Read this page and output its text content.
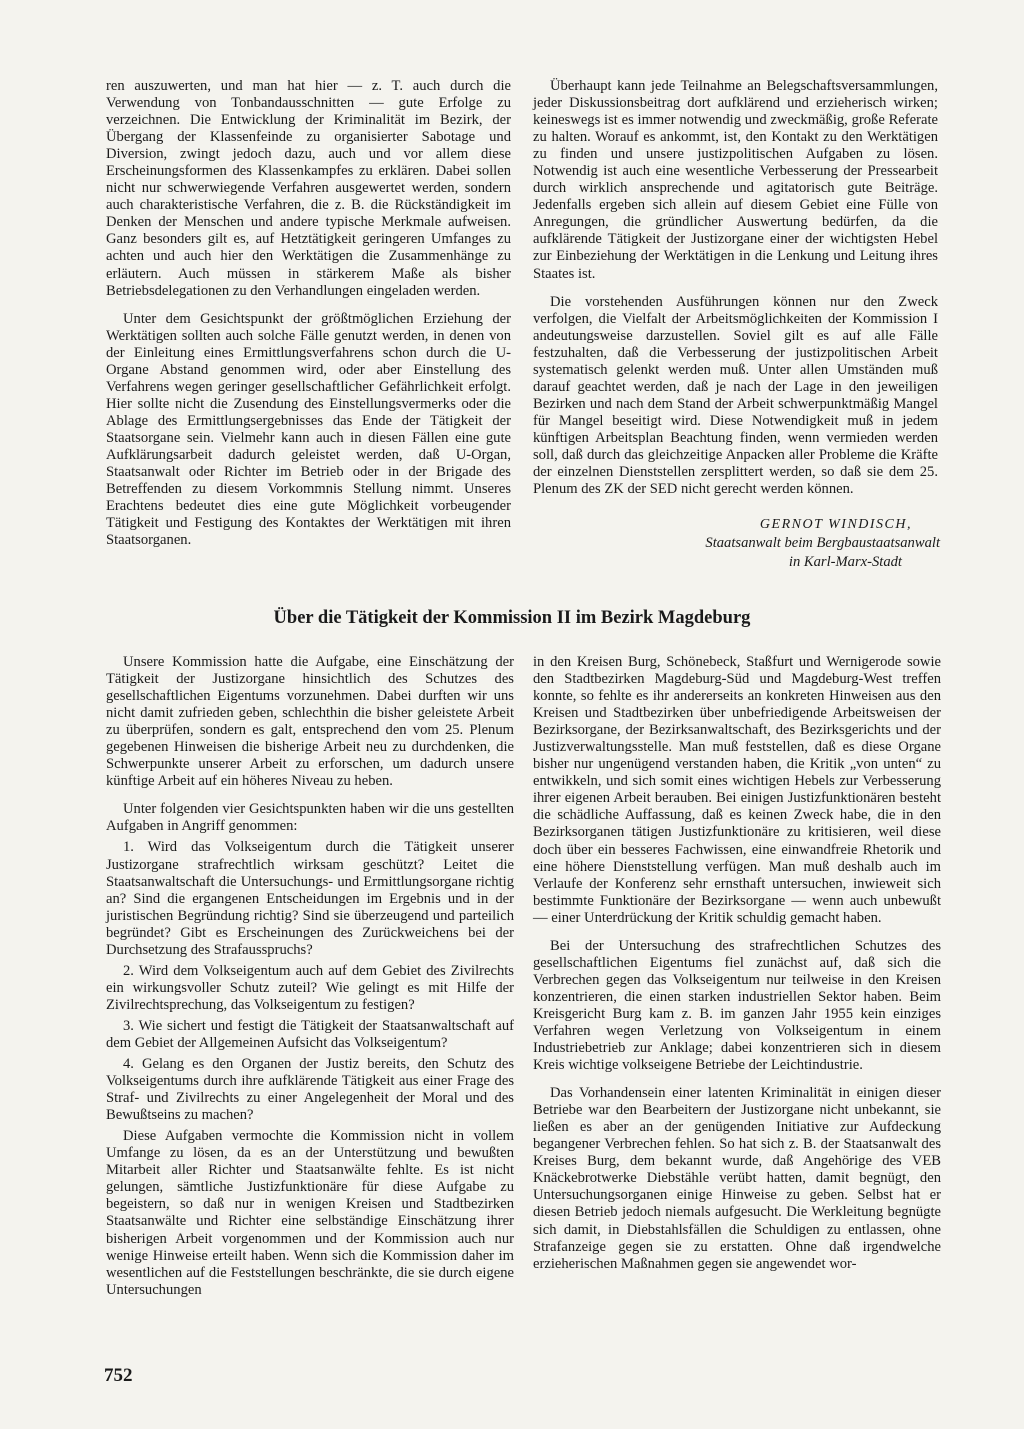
ren auszuwerten, und man hat hier — z. T. auch durch die Verwendung von Tonbandausschnitten — gute Erfolge zu verzeichnen. Die Entwicklung der Kriminalität im Bezirk, der Übergang der Klassenfeinde zu organisierter Sabotage und Diversion, zwingt jedoch dazu, auch und vor allem diese Erscheinungsformen des Klassenkampfes zu erklären. Dabei sollen nicht nur schwerwiegende Verfahren ausgewertet werden, sondern auch charakteristische Verfahren, die z. B. die Rückständigkeit im Denken der Menschen und andere typische Merkmale aufweisen. Ganz besonders gilt es, auf Hetztätigkeit geringeren Umfanges zu achten und auch hier den Werktätigen die Zusammenhänge zu erläutern. Auch müssen in stärkerem Maße als bisher Betriebsdelegationen zu den Verhandlungen eingeladen werden.

Unter dem Gesichtspunkt der größtmöglichen Erziehung der Werktätigen sollten auch solche Fälle genutzt werden, in denen von der Einleitung eines Ermittlungsverfahrens schon durch die U-Organe Abstand genommen wird, oder aber Einstellung des Verfahrens wegen geringer gesellschaftlicher Gefährlichkeit erfolgt. Hier sollte nicht die Zusendung des Einstellungsvermerks oder die Ablage des Ermittlungsergebnisses das Ende der Tätigkeit der Staatsorgane sein. Vielmehr kann auch in diesen Fällen eine gute Aufklärungsarbeit dadurch geleistet werden, daß U-Organ, Staatsanwalt oder Richter im Betrieb oder in der Brigade des Betreffenden zu diesem Vorkommnis Stellung nimmt. Unseres Erachtens bedeutet dies eine gute Möglichkeit vorbeugender Tätigkeit und Festigung des Kontaktes der Werktätigen mit ihren Staatsorganen.

Überhaupt kann jede Teilnahme an Belegschaftsversammlungen, jeder Diskussionsbeitrag dort aufklärend und erzieherisch wirken; keineswegs ist es immer notwendig und zweckmäßig, große Referate zu halten. Worauf es ankommt, ist, den Kontakt zu den Werktätigen zu finden und unsere justizpolitischen Aufgaben zu lösen. Notwendig ist auch eine wesentliche Verbesserung der Pressearbeit durch wirklich ansprechende und agitatorisch gute Beiträge. Jedenfalls ergeben sich allein auf diesem Gebiet eine Fülle von Anregungen, die gründlicher Auswertung bedürfen, da die aufklärende Tätigkeit der Justizorgane einer der wichtigsten Hebel zur Einbeziehung der Werktätigen in die Lenkung und Leitung ihres Staates ist.

Die vorstehenden Ausführungen können nur den Zweck verfolgen, die Vielfalt der Arbeitsmöglichkeiten der Kommission I andeutungsweise darzustellen. Soviel gilt es auf alle Fälle festzuhalten, daß die Verbesserung der justizpolitischen Arbeit systematisch gelenkt werden muß. Unter allen Umständen muß darauf geachtet werden, daß je nach der Lage in den jeweiligen Bezirken und nach dem Stand der Arbeit schwerpunktmäßig Mangel für Mangel beseitigt wird. Diese Notwendigkeit muß in jedem künftigen Arbeitsplan Beachtung finden, wenn vermieden werden soll, daß durch das gleichzeitige Anpacken aller Probleme die Kräfte der einzelnen Dienststellen zersplittert werden, so daß sie dem 25. Plenum des ZK der SED nicht gerecht werden können.

GERNOT WINDISCH,
Staatsanwalt beim Bergbaustaatsanwalt
in Karl-Marx-Stadt
Über die Tätigkeit der Kommission II im Bezirk Magdeburg

Unsere Kommission hatte die Aufgabe, eine Einschätzung der Tätigkeit der Justizorgane hinsichtlich des Schutzes des gesellschaftlichen Eigentums vorzunehmen. Dabei durften wir uns nicht damit zufrieden geben, schlechthin die bisher geleistete Arbeit zu überprüfen, sondern es galt, entsprechend den vom 25. Plenum gegebenen Hinweisen die bisherige Arbeit neu zu durchdenken, die Schwerpunkte unserer Arbeit zu erforschen, um dadurch unsere künftige Arbeit auf ein höheres Niveau zu heben.

Unter folgenden vier Gesichtspunkten haben wir die uns gestellten Aufgaben in Angriff genommen:

1. Wird das Volkseigentum durch die Tätigkeit unserer Justizorgane strafrechtlich wirksam geschützt? Leitet die Staatsanwaltschaft die Untersuchungs- und Ermittlungsorgane richtig an? Sind die ergangenen Entscheidungen im Ergebnis und in der juristischen Begründung richtig? Sind sie überzeugend und parteilich begründet? Gibt es Erscheinungen des Zurückweichens bei der Durchsetzung des Strafausspruchs?

2. Wird dem Volkseigentum auch auf dem Gebiet des Zivilrechts ein wirkungsvoller Schutz zuteil? Wie gelingt es mit Hilfe der Zivilrechtsprechung, das Volkseigentum zu festigen?

3. Wie sichert und festigt die Tätigkeit der Staatsanwaltschaft auf dem Gebiet der Allgemeinen Aufsicht das Volkseigentum?

4. Gelang es den Organen der Justiz bereits, den Schutz des Volkseigentums durch ihre aufklärende Tätigkeit aus einer Frage des Straf- und Zivilrechts zu einer Angelegenheit der Moral und des Bewußtseins zu machen?

Diese Aufgaben vermochte die Kommission nicht in vollem Umfange zu lösen, da es an der Unterstützung und bewußten Mitarbeit aller Richter und Staatsanwälte fehlte. Es ist nicht gelungen, sämtliche Justizfunktionäre für diese Aufgabe zu begeistern, so daß nur in wenigen Kreisen und Stadtbezirken Staatsanwälte und Richter eine selbständige Einschätzung ihrer bisherigen Arbeit vorgenommen und der Kommission auch nur wenige Hinweise erteilt haben. Wenn sich die Kommission daher im wesentlichen auf die Feststellungen beschränkte, die sie durch eigene Untersuchungen

in den Kreisen Burg, Schönebeck, Staßfurt und Wernigerode sowie den Stadtbezirken Magdeburg-Süd und Magdeburg-West treffen konnte, so fehlte es ihr andererseits an konkreten Hinweisen aus den Kreisen und Stadtbezirken über unbefriedigende Arbeitsweisen der Bezirksorgane, der Bezirksanwaltschaft, des Bezirksgerichts und der Justizverwaltungsstelle. Man muß feststellen, daß es diese Organe bisher nur ungenügend verstanden haben, die Kritik „von unten“ zu entwikkeln, und sich somit eines wichtigen Hebels zur Verbesserung ihrer eigenen Arbeit berauben. Bei einigen Justizfunktionären besteht die schädliche Auffassung, daß es keinen Zweck habe, die in den Bezirksorganen tätigen Justizfunktionäre zu kritisieren, weil diese doch über ein besseres Fachwissen, eine einwandfreie Rhetorik und eine höhere Dienststellung verfügen. Man muß deshalb auch im Verlaufe der Konferenz sehr ernsthaft untersuchen, inwieweit sich bestimmte Funktionäre der Bezirksorgane — wenn auch unbewußt — einer Unterdrückung der Kritik schuldig gemacht haben.

Bei der Untersuchung des strafrechtlichen Schutzes des gesellschaftlichen Eigentums fiel zunächst auf, daß sich die Verbrechen gegen das Volkseigentum nur teilweise in den Kreisen konzentrieren, die einen starken industriellen Sektor haben. Beim Kreisgericht Burg kam z. B. im ganzen Jahr 1955 kein einziges Verfahren wegen Verletzung von Volkseigentum in einem Industriebetrieb zur Anklage; dabei konzentrieren sich in diesem Kreis wichtige volkseigene Betriebe der Leichtindustrie.

Das Vorhandensein einer latenten Kriminalität in einigen dieser Betriebe war den Bearbeitern der Justizorgane nicht unbekannt, sie ließen es aber an der genügenden Initiative zur Aufdeckung begangener Verbrechen fehlen. So hat sich z. B. der Staatsanwalt des Kreises Burg, dem bekannt wurde, daß Angehörige des VEB Knäckebrotwerke Diebstähle verübt hatten, damit begnügt, den Untersuchungsorganen einige Hinweise zu geben. Selbst hat er diesen Betrieb jedoch niemals aufgesucht. Die Werkleitung begnügte sich damit, in Diebstahlsfällen die Schuldigen zu entlassen, ohne Strafanzeige gegen sie zu erstatten. Ohne daß irgendwelche erzieherischen Maßnahmen gegen sie angewendet wor-

752
